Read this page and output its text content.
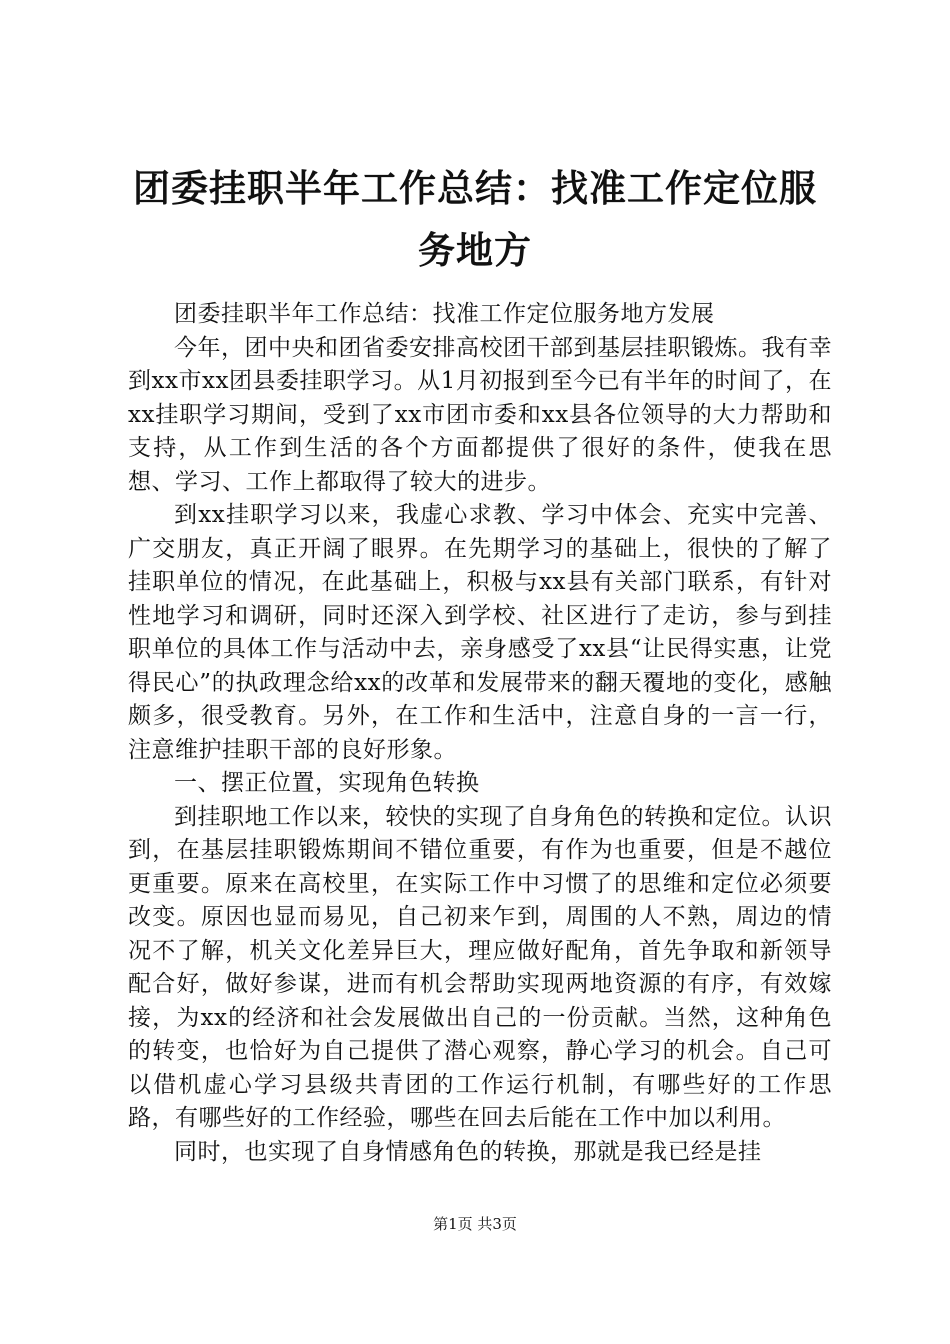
团委挂职半年工作总结：找准工作定位服务地方

团委挂职半年工作总结：找准工作定位服务地方发展

今年，团中央和团省委安排高校团干部到基层挂职锻炼。我有幸到xx市xx团县委挂职学习。从1月初报到至今已有半年的时间了，在xx挂职学习期间，受到了xx市团市委和xx县各位领导的大力帮助和支持，从工作到生活的各个方面都提供了很好的条件，使我在思想、学习、工作上都取得了较大的进步。

到xx挂职学习以来，我虚心求教、学习中体会、充实中完善、广交朋友，真正开阔了眼界。在先期学习的基础上，很快的了解了挂职单位的情况，在此基础上，积极与xx县有关部门联系，有针对性地学习和调研，同时还深入到学校、社区进行了走访，参与到挂职单位的具体工作与活动中去，亲身感受了xx县“让民得实惠，让党得民心”的执政理念给xx的改革和发展带来的翻天覆地的变化，感触颇多，很受教育。另外，在工作和生活中，注意自身的一言一行，注意维护挂职干部的良好形象。

一、摆正位置，实现角色转换

到挂职地工作以来，较快的实现了自身角色的转换和定位。认识到，在基层挂职锻炼期间不错位重要，有作为也重要，但是不越位更重要。原来在高校里，在实际工作中习惯了的思维和定位必须要改变。原因也显而易见，自己初来乍到，周围的人不熟，周边的情况不了解，机关文化差异巨大，理应做好配角，首先争取和新领导配合好，做好参谋，进而有机会帮助实现两地资源的有序，有效嫁接，为xx的经济和社会发展做出自己的一份贡献。当然，这种角色的转变，也恰好为自己提供了潜心观察，静心学习的机会。自己可以借机虚心学习县级共青团的工作运行机制，有哪些好的工作思路，有哪些好的工作经验，哪些在回去后能在工作中加以利用。

同时，也实现了自身情感角色的转换，那就是我已经是挂

第1页 共3页
